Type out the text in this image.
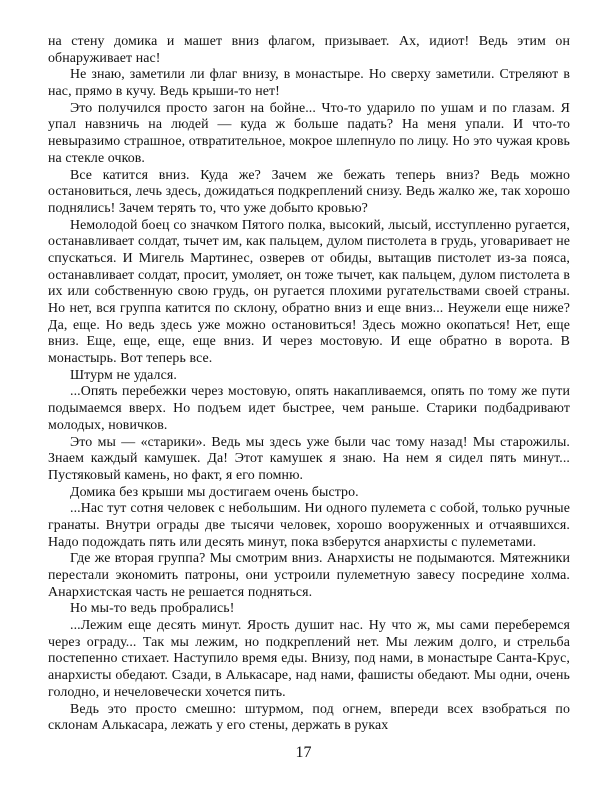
на стену домика и машет вниз флагом, призывает. Ах, идиот! Ведь этим он обнаруживает нас!

Не знаю, заметили ли флаг внизу, в монастыре. Но сверху заметили. Стреляют в нас, прямо в кучу. Ведь крыши-то нет!

Это получился просто загон на бойне... Что-то ударило по ушам и по глазам. Я упал навзничь на людей — куда ж больше падать? На меня упали. И что-то невыразимо страшное, отвратительное, мокрое шлепнуло по лицу. Но это чужая кровь на стекле очков.

Все катится вниз. Куда же? Зачем же бежать теперь вниз? Ведь можно остановиться, лечь здесь, дожидаться подкреплений снизу. Ведь жалко же, так хорошо поднялись! Зачем терять то, что уже добыто кровью?

Немолодой боец со значком Пятого полка, высокий, лысый, исступленно ругается, останавливает солдат, тычет им, как пальцем, дулом пистолета в грудь, уговаривает не спускаться. И Мигель Мартинес, озверев от обиды, вытащив пистолет из-за пояса, останавливает солдат, просит, умоляет, он тоже тычет, как пальцем, дулом пистолета в их или собственную свою грудь, он ругается плохими ругательствами своей страны. Но нет, вся группа катится по склону, обратно вниз и еще вниз... Неужели еще ниже? Да, еще. Но ведь здесь уже можно остановиться! Здесь можно окопаться! Нет, еще вниз. Еще, еще, еще, еще вниз. И через мостовую. И еще обратно в ворота. В монастырь. Вот теперь все.

Штурм не удался.

...Опять перебежки через мостовую, опять накапливаемся, опять по тому же пути подымаемся вверх. Но подъем идет быстрее, чем раньше. Старики подбадривают молодых, новичков.

Это мы — «старики». Ведь мы здесь уже были час тому назад! Мы старожилы. Знаем каждый камушек. Да! Этот камушек я знаю. На нем я сидел пять минут... Пустяковый камень, но факт, я его помню.

Домика без крыши мы достигаем очень быстро.

...Нас тут сотня человек с небольшим. Ни одного пулемета с собой, только ручные гранаты. Внутри ограды две тысячи человек, хорошо вооруженных и отчаявшихся. Надо подождать пять или десять минут, пока взберутся анархисты с пулеметами.

Где же вторая группа? Мы смотрим вниз. Анархисты не подымаются. Мятежники перестали экономить патроны, они устроили пулеметную завесу посредине холма. Анархистская часть не решается подняться.

Но мы-то ведь пробрались!

...Лежим еще десять минут. Ярость душит нас. Ну что ж, мы сами переберемся через ограду... Так мы лежим, но подкреплений нет. Мы лежим долго, и стрельба постепенно стихает. Наступило время еды. Внизу, под нами, в монастыре Санта-Крус, анархисты обедают. Сзади, в Алькасаре, над нами, фашисты обедают. Мы одни, очень голодно, и нечеловечески хочется пить.

Ведь это просто смешно: штурмом, под огнем, впереди всех взобраться по склонам Алькасара, лежать у его стены, держать в руках

17
